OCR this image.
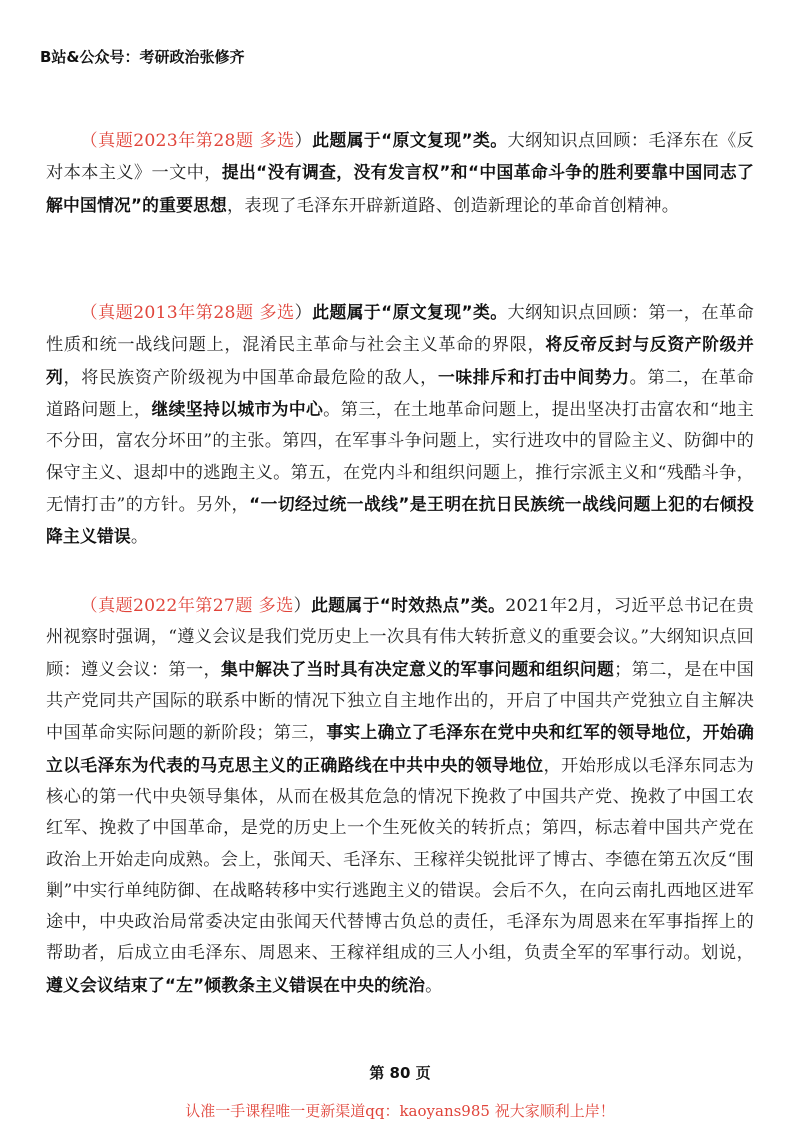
B站&公众号：考研政治张修齐

（真题2023年第28题 多选）此题属于“原文复现”类。大纲知识点回顾：毛泽东在《反对本本主义》一文中，提出“没有调查，没有发言权”和“中国革命斗争的胜利要靠中国同志了解中国情况”的重要思想，表现了毛泽东开辟新道路、创造新理论的革命首创精神。

（真题2013年第28题 多选）此题属于“原文复现”类。大纲知识点回顾：第一，在革命性质和统一战线问题上，混淆民主革命与社会主义革命的界限，将反帝反封与反资产阶级并列，将民族资产阶级视为中国革命最危险的敌人，一味排斥和打击中间势力。第二，在革命道路问题上，继续坚持以城市为中心。第三，在土地革命问题上，提出坚决打击富农和“地主不分田，富农分坏田”的主张。第四，在军事斗争问题上，实行进攻中的冒险主义、防御中的保守主义、退却中的逃跑主义。第五，在党内斗和组织问题上，推行宗派主义和“残酷斗争，无情打击”的方针。另外，“一切经过统一战线”是王明在抗日民族统一战线问题上犯的右倾投降主义错误。

（真题2022年第27题 多选）此题属于“时效热点”类。2021年2月，习近平总书记在贵州视察时强调，“遵义会议是我们党历史上一次具有伟大转折意义的重要会议。”大纲知识点回顾：遵义会议：第一，集中解决了当时具有决定意义的军事问题和组织问题；第二，是在中国共产党同共产国际的联系中断的情况下独立自主地作出的，开启了中国共产党独立自主解决中国革命实际问题的新阶段；第三，事实上确立了毛泽东在党中央和红军的领导地位，开始确立以毛泽东为代表的马克思主义的正确路线在中共中央的领导地位，开始形成以毛泽东同志为核心的第一代中央领导集体，从而在极其危急的情况下挽救了中国共产党、挽救了中国工农红军、挽救了中国革命，是党的历史上一个生死攸关的转折点；第四，标志着中国共产党在政治上开始走向成熟。会上，张闻天、毛泽东、王稼祥尖锐批评了博古、李德在第五次反“围剿”中实行单纯防御、在战略转移中实行逃跑主义的错误。会后不久，在向云南扎西地区进军途中，中央政治局常委决定由张闻天代替博古负总的责任，毛泽东为周恩来在军事指挥上的帮助者，后成立由毛泽东、周恩来、王稼祥组成的三人小组，负责全军的军事行动。划说，遵义会议结束了“左”倾教条主义错误在中央的统治。

第 80 页
认准一手课程唯一更新渠道qq：kaoyans985 祝大家顺利上岸！
